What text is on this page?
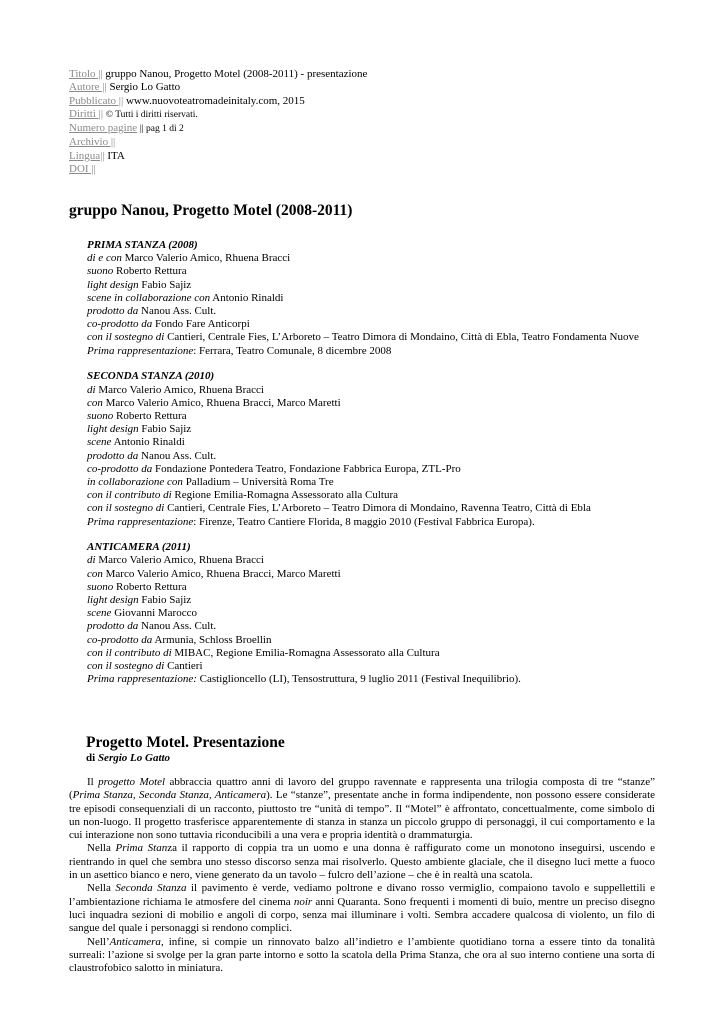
Titolo || gruppo Nanou, Progetto Motel (2008-2011) - presentazione
Autore || Sergio Lo Gatto
Pubblicato || www.nuovoteatromadeinitaly.com, 2015
Diritti || © Tutti i diritti riservati.
Numero pagine || pag 1 di 2
Archivio ||
Lingua|| ITA
DOI ||
gruppo Nanou, Progetto Motel (2008-2011)
PRIMA STANZA (2008)
di e con Marco Valerio Amico, Rhuena Bracci
suono Roberto Rettura
light design Fabio Sajiz
scene in collaborazione con Antonio Rinaldi
prodotto da Nanou Ass. Cult.
co-prodotto da Fondo Fare Anticorpi
con il sostegno di Cantieri, Centrale Fies, L’Arboreto – Teatro Dimora di Mondaino, Città di Ebla, Teatro Fondamenta Nuove
Prima rappresentazione: Ferrara, Teatro Comunale, 8 dicembre 2008
SECONDA STANZA (2010)
di Marco Valerio Amico, Rhuena Bracci
con Marco Valerio Amico, Rhuena Bracci, Marco Maretti
suono Roberto Rettura
light design Fabio Sajiz
scene Antonio Rinaldi
prodotto da Nanou Ass. Cult.
co-prodotto da Fondazione Pontedera Teatro, Fondazione Fabbrica Europa, ZTL-Pro
in collaborazione con Palladium – Università Roma Tre
con il contributo di Regione Emilia-Romagna Assessorato alla Cultura
con il sostegno di Cantieri, Centrale Fies, L’Arboreto – Teatro Dimora di Mondaino, Ravenna Teatro, Città di Ebla
Prima rappresentazione: Firenze, Teatro Cantiere Florida, 8 maggio 2010 (Festival Fabbrica Europa).
ANTICAMERA (2011)
di Marco Valerio Amico, Rhuena Bracci
con Marco Valerio Amico, Rhuena Bracci, Marco Maretti
suono Roberto Rettura
light design Fabio Sajiz
scene Giovanni Marocco
prodotto da Nanou Ass. Cult.
co-prodotto da Armunia, Schloss Broellin
con il contributo di MIBAC, Regione Emilia-Romagna Assessorato alla Cultura
con il sostegno di Cantieri
Prima rappresentazione: Castiglioncello (LI), Tensostruttura, 9 luglio 2011 (Festival Inequilibrio).
Progetto Motel. Presentazione
di Sergio Lo Gatto

Il progetto Motel abbraccia quattro anni di lavoro del gruppo ravennate e rappresenta una trilogia composta di tre “stanze” (Prima Stanza, Seconda Stanza, Anticamera). Le “stanze”, presentate anche in forma indipendente, non possono essere considerate tre episodi consequenziali di un racconto, piuttosto tre “unità di tempo”. Il “Motel” è affrontato, concettualmente, come simbolo di un non-luogo. Il progetto trasferisce apparentemente di stanza in stanza un piccolo gruppo di personaggi, il cui comportamento e la cui interazione non sono tuttavia riconducibili a una vera e propria identità o drammaturgia.

Nella Prima Stanza il rapporto di coppia tra un uomo e una donna è raffigurato come un monotono inseguirsi, uscendo e rientrando in quel che sembra uno stesso discorso senza mai risolverlo. Questo ambiente glaciale, che il disegno luci mette a fuoco in un asettico bianco e nero, viene generato da un tavolo – fulcro dell’azione – che è in realtà una scatola.

Nella Seconda Stanza il pavimento è verde, vediamo poltrone e divano rosso vermiglio, compaiono tavolo e suppellettili e l’ambientazione richiama le atmosfere del cinema noir anni Quaranta. Sono frequenti i momenti di buio, mentre un preciso disegno luci inquadra sezioni di mobilio e angoli di corpo, senza mai illuminare i volti. Sembra accadere qualcosa di violento, un filo di sangue del quale i personaggi si rendono complici.

Nell’Anticamera, infine, si compie un rinnovato balzo all’indietro e l’ambiente quotidiano torna a essere tinto da tonalità surreali: l’azione si svolge per la gran parte intorno e sotto la scatola della Prima Stanza, che ora al suo interno contiene una sorta di claustrofobico salotto in miniatura.
